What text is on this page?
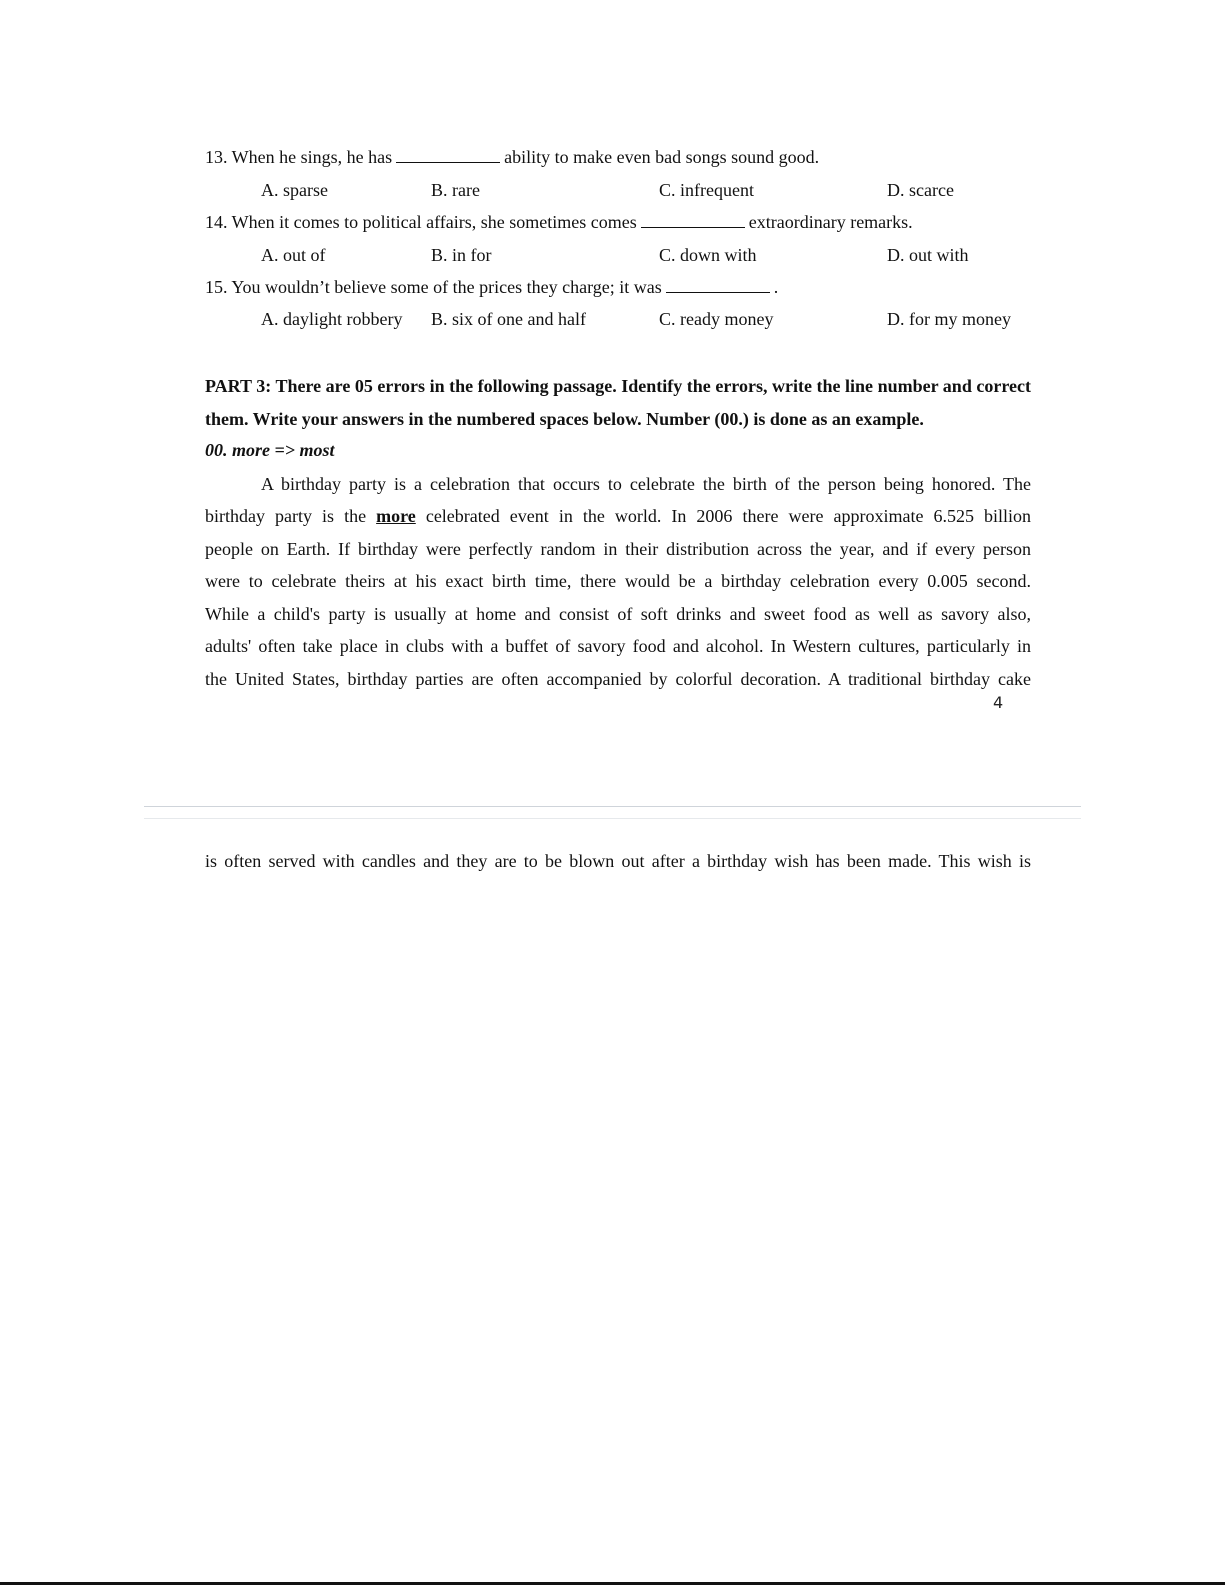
13. When he sings, he has	ability to make even bad songs sound good.
A. sparse	B. rare	C. infrequent	D. scarce
14. When it comes to political affairs, she sometimes comes	extraordinary remarks.
A. out of	B. in for	C. down with	D. out with
15. You wouldn’t believe some of the prices they charge; it was	.
A. daylight robbery B. six of one and half	C. ready money	D. for my money
PART 3: There are 05 errors in the following passage. Identify the errors, write the line number and correct them. Write your answers in the numbered spaces below. Number (00.) is done as an example.
00. more => most
A birthday party is a celebration that occurs to celebrate the birth of the person being honored. The
birthday party is the more celebrated event in the world. In 2006 there were approximate 6.525 billion
people on Earth. If birthday were perfectly random in their distribution across the year, and if every person
were to celebrate theirs at his exact birth time, there would be a birthday celebration every 0.005 second.
While a child's party is usually at home and consist of soft drinks and sweet food as well as savory also,
adults' often take place in clubs with a buffet of savory food and alcohol. In Western cultures, particularly in
the United States, birthday parties are often accompanied by colorful decoration. A traditional birthday cake
4
is often served with candles and they are to be blown out after a birthday wish has been made. This wish is
